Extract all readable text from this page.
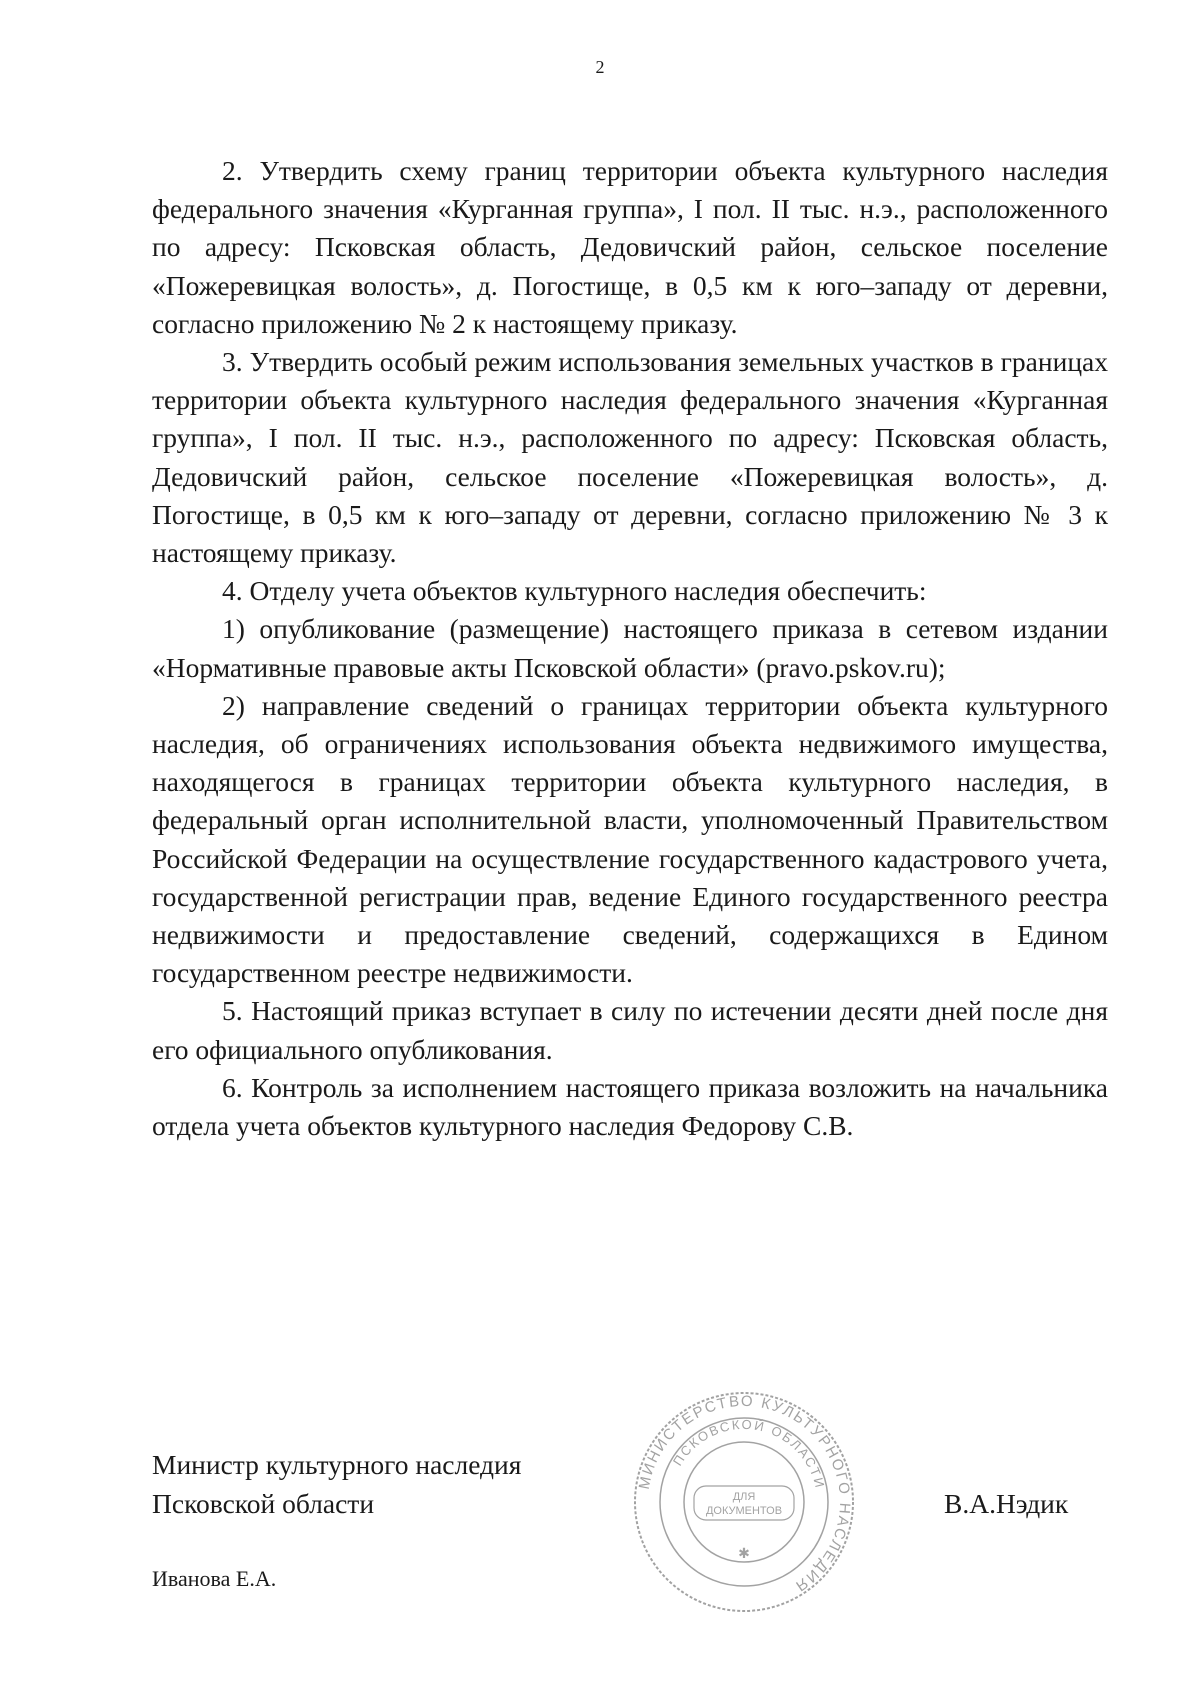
2

2. Утвердить схему границ территории объекта культурного наследия федерального значения «Курганная группа», I пол. II тыс. н.э., расположенного по адресу: Псковская область, Дедовичский район, сельское поселение «Пожеревицкая волость», д. Погостище, в 0,5 км к юго–западу от деревни, согласно приложению № 2 к настоящему приказу.

3. Утвердить особый режим использования земельных участков в границах территории объекта культурного наследия федерального значения «Курганная группа», I пол. II тыс. н.э., расположенного по адресу: Псковская область, Дедовичский район, сельское поселение «Пожеревицкая волость», д. Погостище, в 0,5 км к юго–западу от деревни, согласно приложению № 3 к настоящему приказу.

4. Отделу учета объектов культурного наследия обеспечить:

1) опубликование (размещение) настоящего приказа в сетевом издании «Нормативные правовые акты Псковской области» (pravo.pskov.ru);

2) направление сведений о границах территории объекта культурного наследия, об ограничениях использования объекта недвижимого имущества, находящегося в границах территории объекта культурного наследия, в федеральный орган исполнительной власти, уполномоченный Правительством Российской Федерации на осуществление государственного кадастрового учета, государственной регистрации прав, ведение Единого государственного реестра недвижимости и предоставление сведений, содержащихся в Едином государственном реестре недвижимости.

5. Настоящий приказ вступает в силу по истечении десяти дней после дня его официального опубликования.

6. Контроль за исполнением настоящего приказа возложить на начальника отдела учета объектов культурного наследия Федорову С.В.

Министр культурного наследия
Псковской области	В.А.Нэдик
Иванова Е.А.
МИНИСТЕРСТВО КУЛЬТУРНОГО НАСЛЕДИЯ
ПСКОВСКОЙ ОБЛАСТИ
ДЛЯ
ДОКУМЕНТОВ
✱
